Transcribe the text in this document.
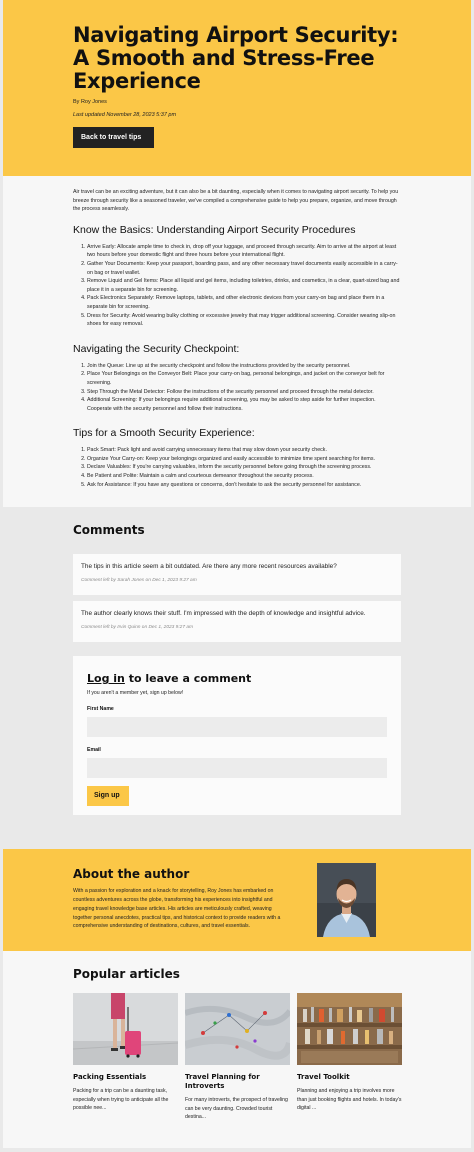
Navigating Airport Security: A Smooth and Stress-Free Experience
By Roy Jones
Last updated November 28, 2023 5:37 pm
Back to travel tips

Air travel can be an exciting adventure, but it can also be a bit daunting, especially when it comes to navigating airport security. To help you breeze through security like a seasoned traveler, we've compiled a comprehensive guide to help you prepare, organize, and move through the process seamlessly.

Know the Basics: Understanding Airport Security Procedures
1. Arrive Early: Allocate ample time to check in, drop off your luggage, and proceed through security. Aim to arrive at the airport at least two hours before your domestic flight and three hours before your international flight.
2. Gather Your Documents: Keep your passport, boarding pass, and any other necessary travel documents easily accessible in a carry-on bag or travel wallet.
3. Remove Liquid and Gel Items: Place all liquid and gel items, including toiletries, drinks, and cosmetics, in a clear, quart-sized bag and place it in a separate bin for screening.
4. Pack Electronics Separately: Remove laptops, tablets, and other electronic devices from your carry-on bag and place them in a separate bin for screening.
5. Dress for Security: Avoid wearing bulky clothing or excessive jewelry that may trigger additional screening. Consider wearing slip-on shoes for easy removal.
Navigating the Security Checkpoint:
1. Join the Queue: Line up at the security checkpoint and follow the instructions provided by the security personnel.
2. Place Your Belongings on the Conveyor Belt: Place your carry-on bag, personal belongings, and jacket on the conveyor belt for screening.
3. Step Through the Metal Detector: Follow the instructions of the security personnel and proceed through the metal detector.
4. Additional Screening: If your belongings require additional screening, you may be asked to step aside for further inspection. Cooperate with the security personnel and follow their instructions.
Tips for a Smooth Security Experience:
1. Pack Smart: Pack light and avoid carrying unnecessary items that may slow down your security check.
2. Organize Your Carry-on: Keep your belongings organized and easily accessible to minimize time spent searching for items.
3. Declare Valuables: If you're carrying valuables, inform the security personnel before going through the screening process.
4. Be Patient and Polite: Maintain a calm and courteous demeanor throughout the security process.
5. Ask for Assistance: If you have any questions or concerns, don't hesitate to ask the security personnel for assistance.
Comments
The tips in this article seem a bit outdated. Are there any more recent resources available?
Comment left by Sarah Jones on Dec 1, 2023 9:27 am
The author clearly knows their stuff. I'm impressed with the depth of knowledge and insightful advice.
Comment left by Irvin Quinn on Dec 1, 2023 9:27 am
Log in to leave a comment
If you aren't a member yet, sign up below!
First Name
Email
Sign up
About the author

With a passion for exploration and a knack for storytelling, Roy Jones has embarked on countless adventures across the globe, transforming his experiences into insightful and engaging travel knowledge base articles. His articles are meticulously crafted, weaving together personal anecdotes, practical tips, and historical context to provide readers with a comprehensive understanding of destinations, cultures, and travel essentials.

Popular articles
Packing Essentials
Packing for a trip can be a daunting task, especially when trying to anticipate all the possible nee...
Travel Planning for Introverts
For many introverts, the prospect of traveling can be very daunting. Crowded tourist destina...
Travel Toolkit
Planning and enjoying a trip involves more than just booking flights and hotels. In today's digital ...
